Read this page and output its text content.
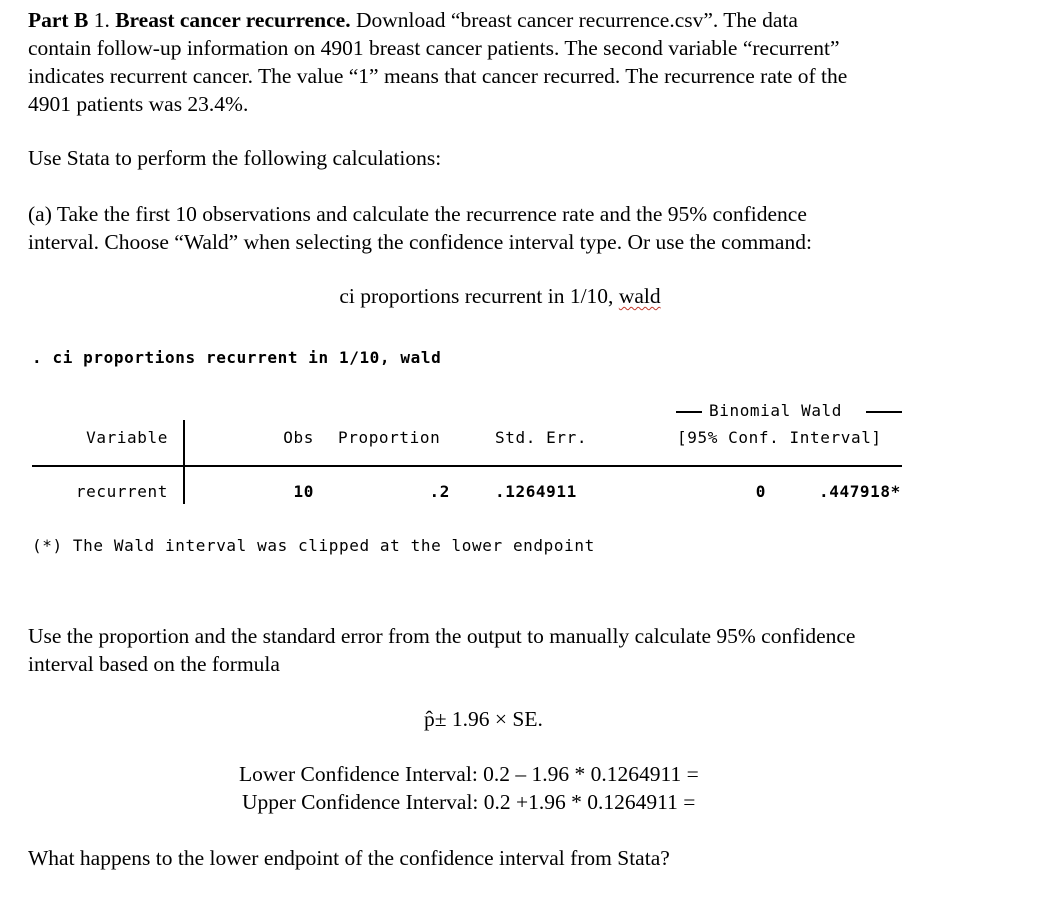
Part B 1. Breast cancer recurrence. Download “breast cancer recurrence.csv”. The data
contain follow-up information on 4901 breast cancer patients. The second variable “recurrent”
indicates recurrent cancer. The value “1” means that cancer recurred. The recurrence rate of the
4901 patients was 23.4%.
Use Stata to perform the following calculations:
(a) Take the first 10 observations and calculate the recurrence rate and the 95% confidence
interval. Choose “Wald” when selecting the confidence interval type. Or use the command:
ci proportions recurrent in 1/10, wald
. ci proportions recurrent in 1/10, wald
Binomial Wald
Variable	Obs Proportion	Std. Err.	[95% Conf. Interval]
recurrent	10	.2	.1264911	0	.447918*
(*) The Wald interval was clipped at the lower endpoint
Use the proportion and the standard error from the output to manually calculate 95% confidence
interval based on the formula
p̂± 1.96 × SE.
Lower Confidence Interval: 0.2 – 1.96 * 0.1264911 =
Upper Confidence Interval: 0.2 +1.96 * 0.1264911 =
What happens to the lower endpoint of the confidence interval from Stata?
